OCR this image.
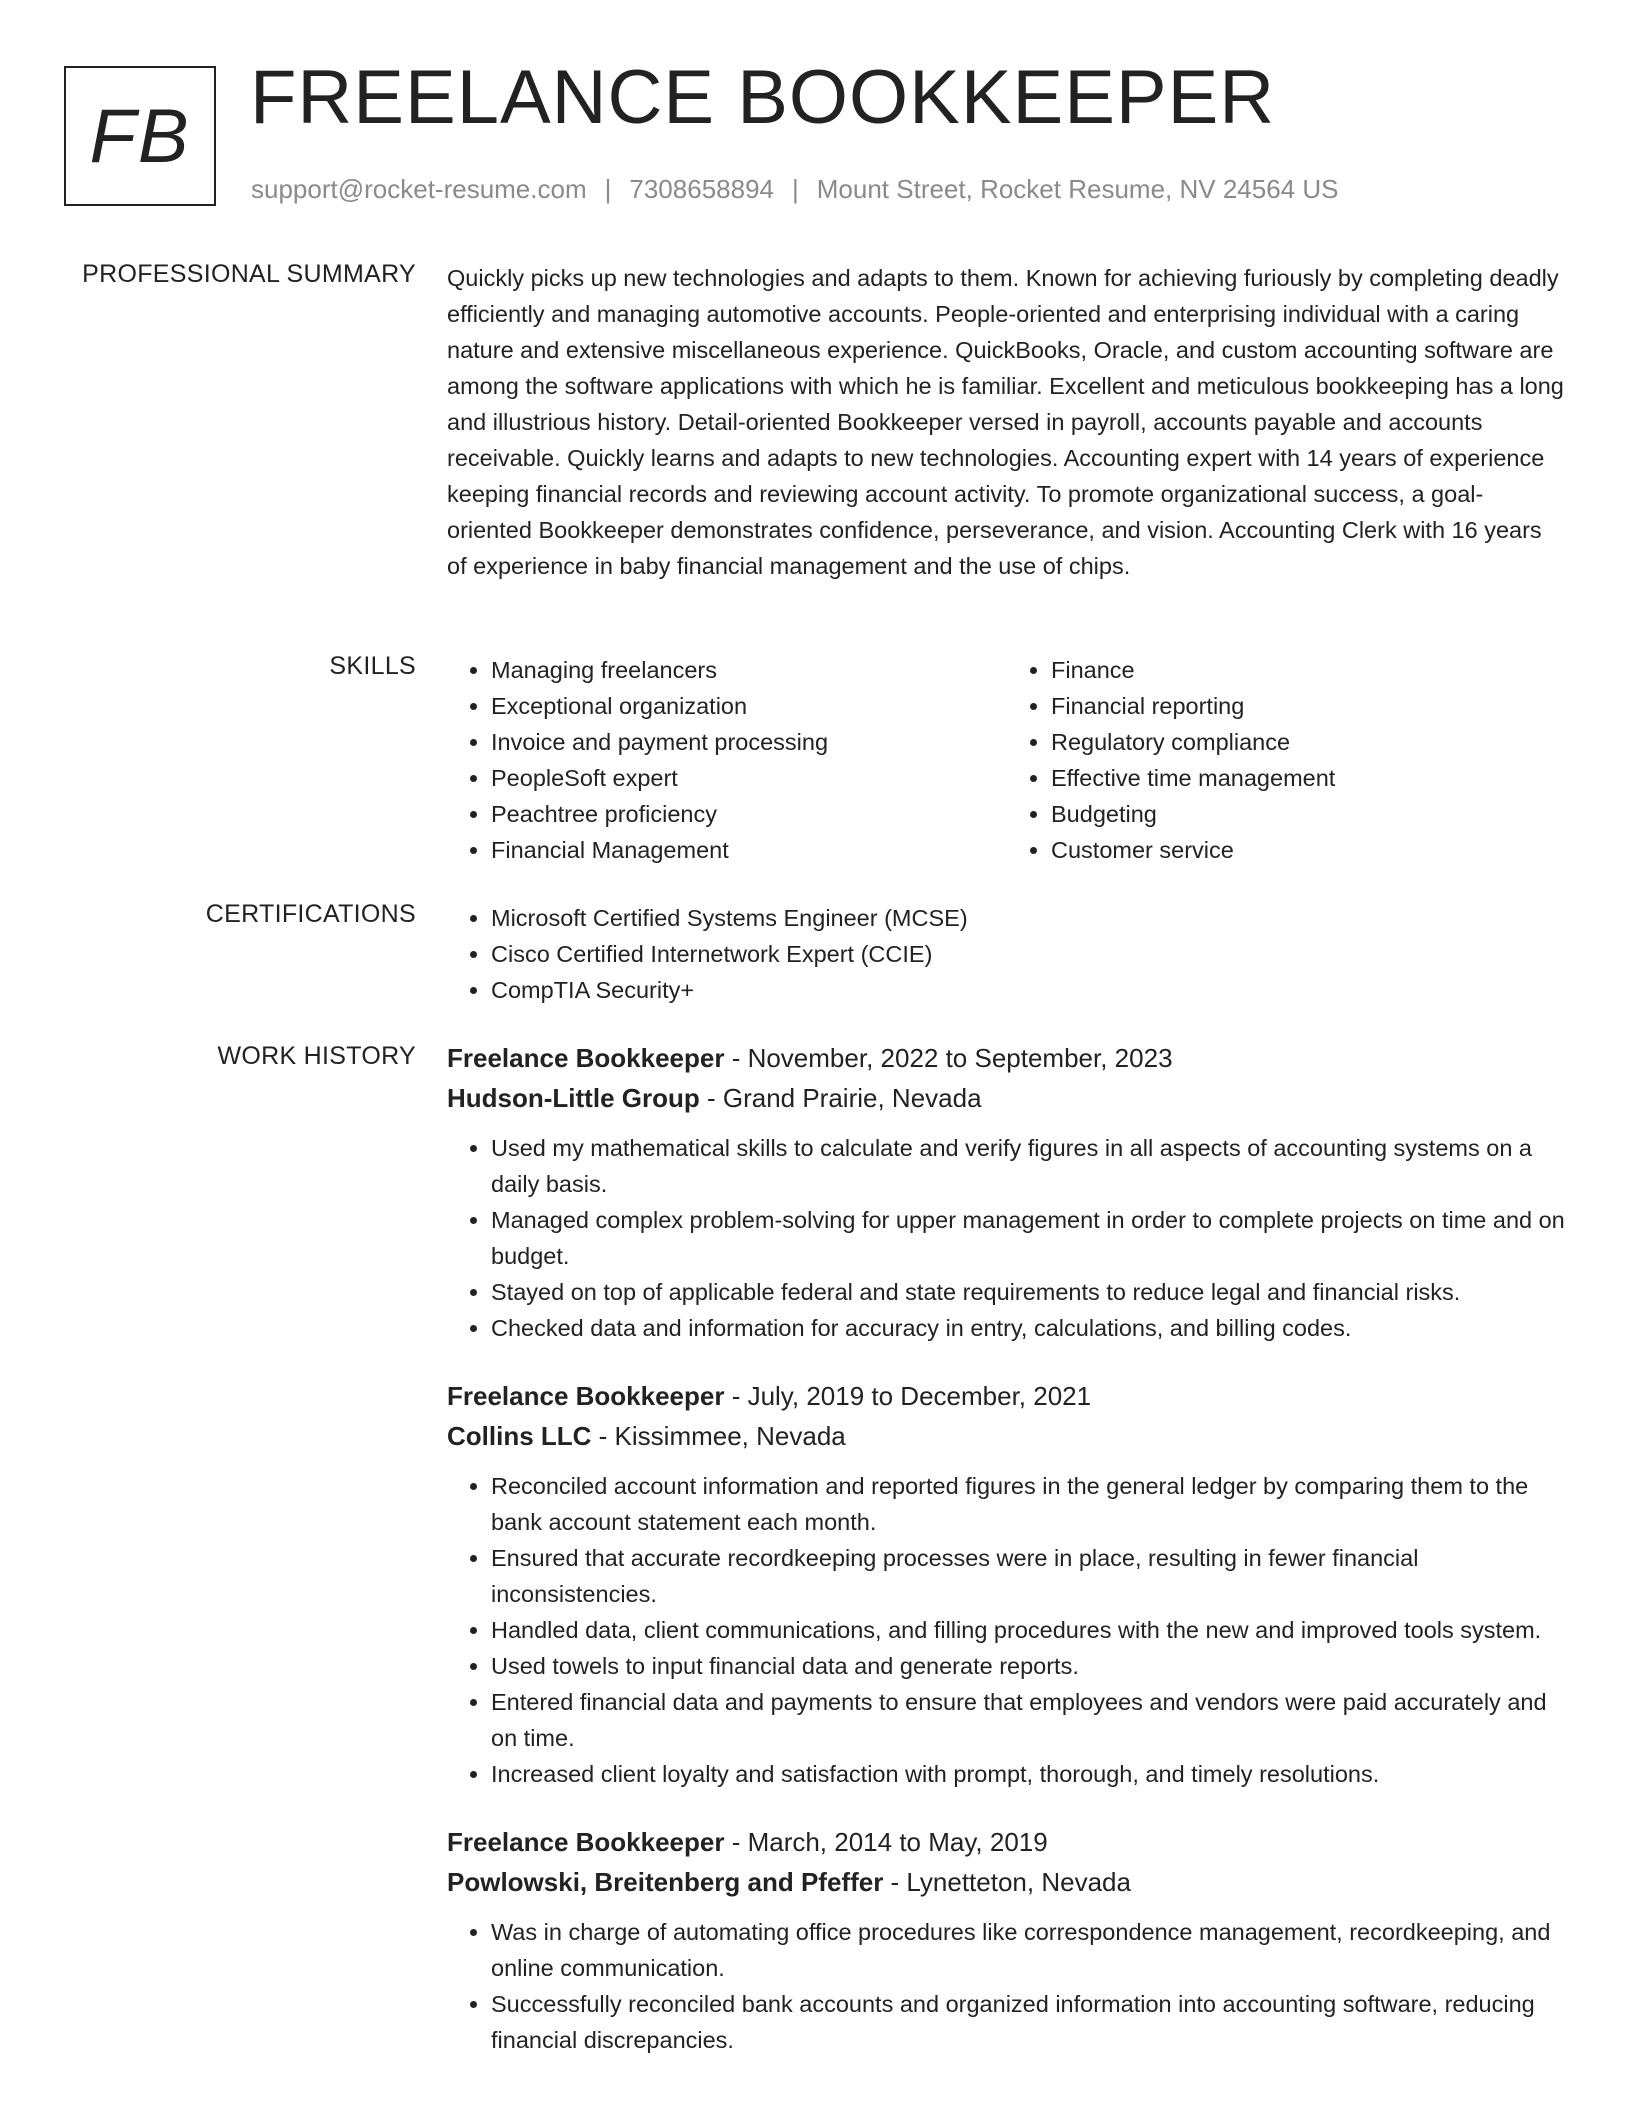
FB FREELANCE BOOKKEEPER
support@rocket-resume.com | 7308658894 | Mount Street, Rocket Resume, NV 24564 US
PROFESSIONAL SUMMARY Quickly picks up new technologies and adapts to them. Known for achieving furiously by completing deadly efficiently and managing automotive accounts. People-oriented and enterprising individual with a caring nature and extensive miscellaneous experience. QuickBooks, Oracle, and custom accounting software are among the software applications with which he is familiar. Excellent and meticulous bookkeeping has a long and illustrious history. Detail-oriented Bookkeeper versed in payroll, accounts payable and accounts receivable. Quickly learns and adapts to new technologies. Accounting expert with 14 years of experience keeping financial records and reviewing account activity. To promote organizational success, a goal-oriented Bookkeeper demonstrates confidence, perseverance, and vision. Accounting Clerk with 16 years of experience in baby financial management and the use of chips.

SKILLS	• Managing freelancers
• Exceptional organization
• Invoice and payment processing
• PeopleSoft expert
• Peachtree proficiency
• Financial Management
• Finance
• Financial reporting
• Regulatory compliance
• Effective time management
• Budgeting
• Customer service
CERTIFICATIONS	• Microsoft Certified Systems Engineer (MCSE)
• Cisco Certified Internetwork Expert (CCIE)
• CompTIA Security+
WORK HISTORY Freelance Bookkeeper - November, 2022 to September, 2023
Hudson-Little Group - Grand Prairie, Nevada
• Used my mathematical skills to calculate and verify figures in all aspects of accounting systems on a daily basis.
• Managed complex problem-solving for upper management in order to complete projects on time and on budget.
• Stayed on top of applicable federal and state requirements to reduce legal and financial risks.
• Checked data and information for accuracy in entry, calculations, and billing codes.
Freelance Bookkeeper - July, 2019 to December, 2021
Collins LLC - Kissimmee, Nevada
• Reconciled account information and reported figures in the general ledger by comparing them to the bank account statement each month.
• Ensured that accurate recordkeeping processes were in place, resulting in fewer financial inconsistencies.
• Handled data, client communications, and filling procedures with the new and improved tools system.
• Used towels to input financial data and generate reports.
• Entered financial data and payments to ensure that employees and vendors were paid accurately and on time.
• Increased client loyalty and satisfaction with prompt, thorough, and timely resolutions.
Freelance Bookkeeper - March, 2014 to May, 2019
Powlowski, Breitenberg and Pfeffer - Lynetteton, Nevada
• Was in charge of automating office procedures like correspondence management, recordkeeping, and online communication.
• Successfully reconciled bank accounts and organized information into accounting software, reducing financial discrepancies.
